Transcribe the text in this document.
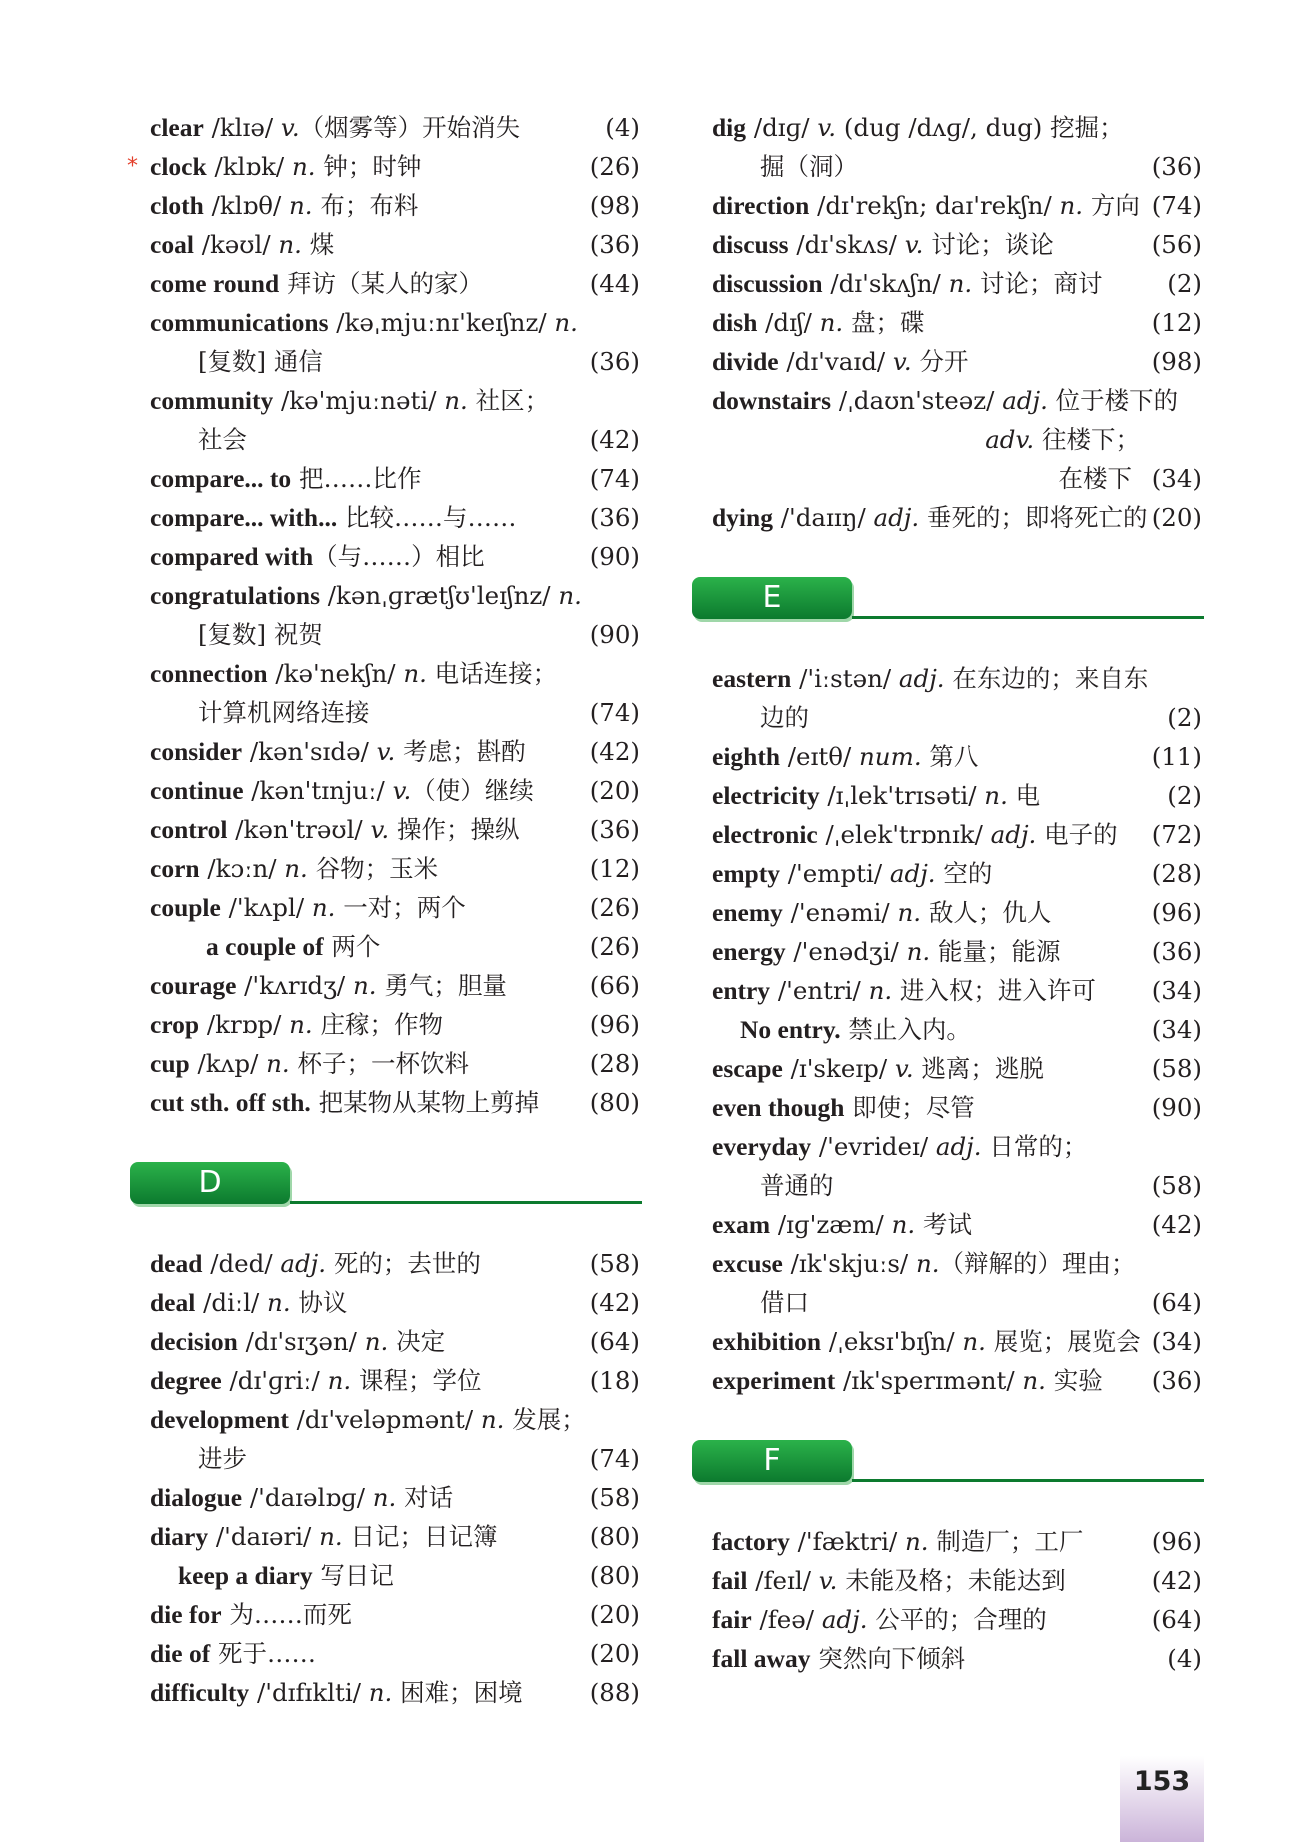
clear /klɪə/ v.（烟雾等）开始消失	(4)
* clock /klɒk/ n. 钟；时钟	(26)
cloth /klɒθ/ n. 布；布料	(98)
coal /kəʊl/ n. 煤	(36)
come round 拜访（某人的家）	(44)
communications /kəˌmjuːnɪ'keɪʃnz/ n.
[复数] 通信	(36)
community /kə'mjuːnəti/ n. 社区；
社会	(42)
compare... to 把……比作	(74)
compare... with... 比较……与……	(36)
compared with（与……）相比	(90)
congratulations /kənˌɡrætʃʊ'leɪʃnz/ n.
[复数] 祝贺	(90)
connection /kə'nekʃn/ n. 电话连接；
计算机网络连接	(74)
consider /kən'sɪdə/ v. 考虑；斟酌	(42)
continue /kən'tɪnjuː/ v.（使）继续 (20)
control /kən'trəʊl/ v. 操作；操纵	(36)
corn /kɔːn/ n. 谷物；玉米	(12)
couple /'kʌpl/ n. 一对；两个	(26)
a couple of 两个	(26)
courage /'kʌrɪdʒ/ n. 勇气；胆量	(66)
crop /krɒp/ n. 庄稼；作物	(96)
cup /kʌp/ n. 杯子；一杯饮料	(28)
cut sth. off sth. 把某物从某物上剪掉 (80)
D
dead /ded/ adj. 死的；去世的	(58)
deal /diːl/ n. 协议	(42)
decision /dɪ'sɪʒən/ n. 决定	(64)
degree /dɪ'ɡriː/ n. 课程；学位	(18)
development /dɪ'veləpmənt/ n. 发展；
进步	(74)
dialogue /'daɪəlɒɡ/ n. 对话	(58)
diary /'daɪəri/ n. 日记；日记簿	(80)
keep a diary 写日记	(80)
die for 为……而死	(20)
die of 死于……	(20)
difficulty /'dɪfɪklti/ n. 困难；困境	(88)
dig /dɪɡ/ v. (dug /dʌɡ/, dug) 挖掘；
掘（洞）	(36)
direction /dɪ'rekʃn; daɪ'rekʃn/ n. 方向 (74)
discuss /dɪ'skʌs/ v. 讨论；谈论	(56)
discussion /dɪ'skʌʃn/ n. 讨论；商讨	(2)
dish /dɪʃ/ n. 盘；碟	(12)
divide /dɪ'vaɪd/ v. 分开	(98)
downstairs /ˌdaʊn'steəz/ adj. 位于楼下的
adv. 往楼下；
在楼下 (34)
dying /'daɪɪŋ/ adj. 垂死的；即将死亡的 (20)
E
eastern /'iːstən/ adj. 在东边的；来自东
边的	(2)
eighth /eɪtθ/ num. 第八	(11)
electricity /ɪˌlek'trɪsəti/ n. 电	(2)
electronic /ˌelek'trɒnɪk/ adj. 电子的 (72)
empty /'empti/ adj. 空的	(28)
enemy /'enəmi/ n. 敌人；仇人	(96)
energy /'enədʒi/ n. 能量；能源	(36)
entry /'entri/ n. 进入权；进入许可 (34)
No entry. 禁止入内。	(34)
escape /ɪ'skeɪp/ v. 逃离；逃脱	(58)
even though 即使；尽管	(90)
everyday /'evrideɪ/ adj. 日常的；
普通的	(58)
exam /ɪɡ'zæm/ n. 考试	(42)
excuse /ɪk'skjuːs/ n.（辩解的）理由；
借口	(64)
exhibition /ˌeksɪ'bɪʃn/ n. 展览；展览会 (34)
experiment /ɪk'sperɪmənt/ n. 实验 (36)
F
factory /'fæktri/ n. 制造厂；工厂	(96)
fail /feɪl/ v. 未能及格；未能达到	(42)
fair /feə/ adj. 公平的；合理的	(64)
fall away 突然向下倾斜	(4)
153
